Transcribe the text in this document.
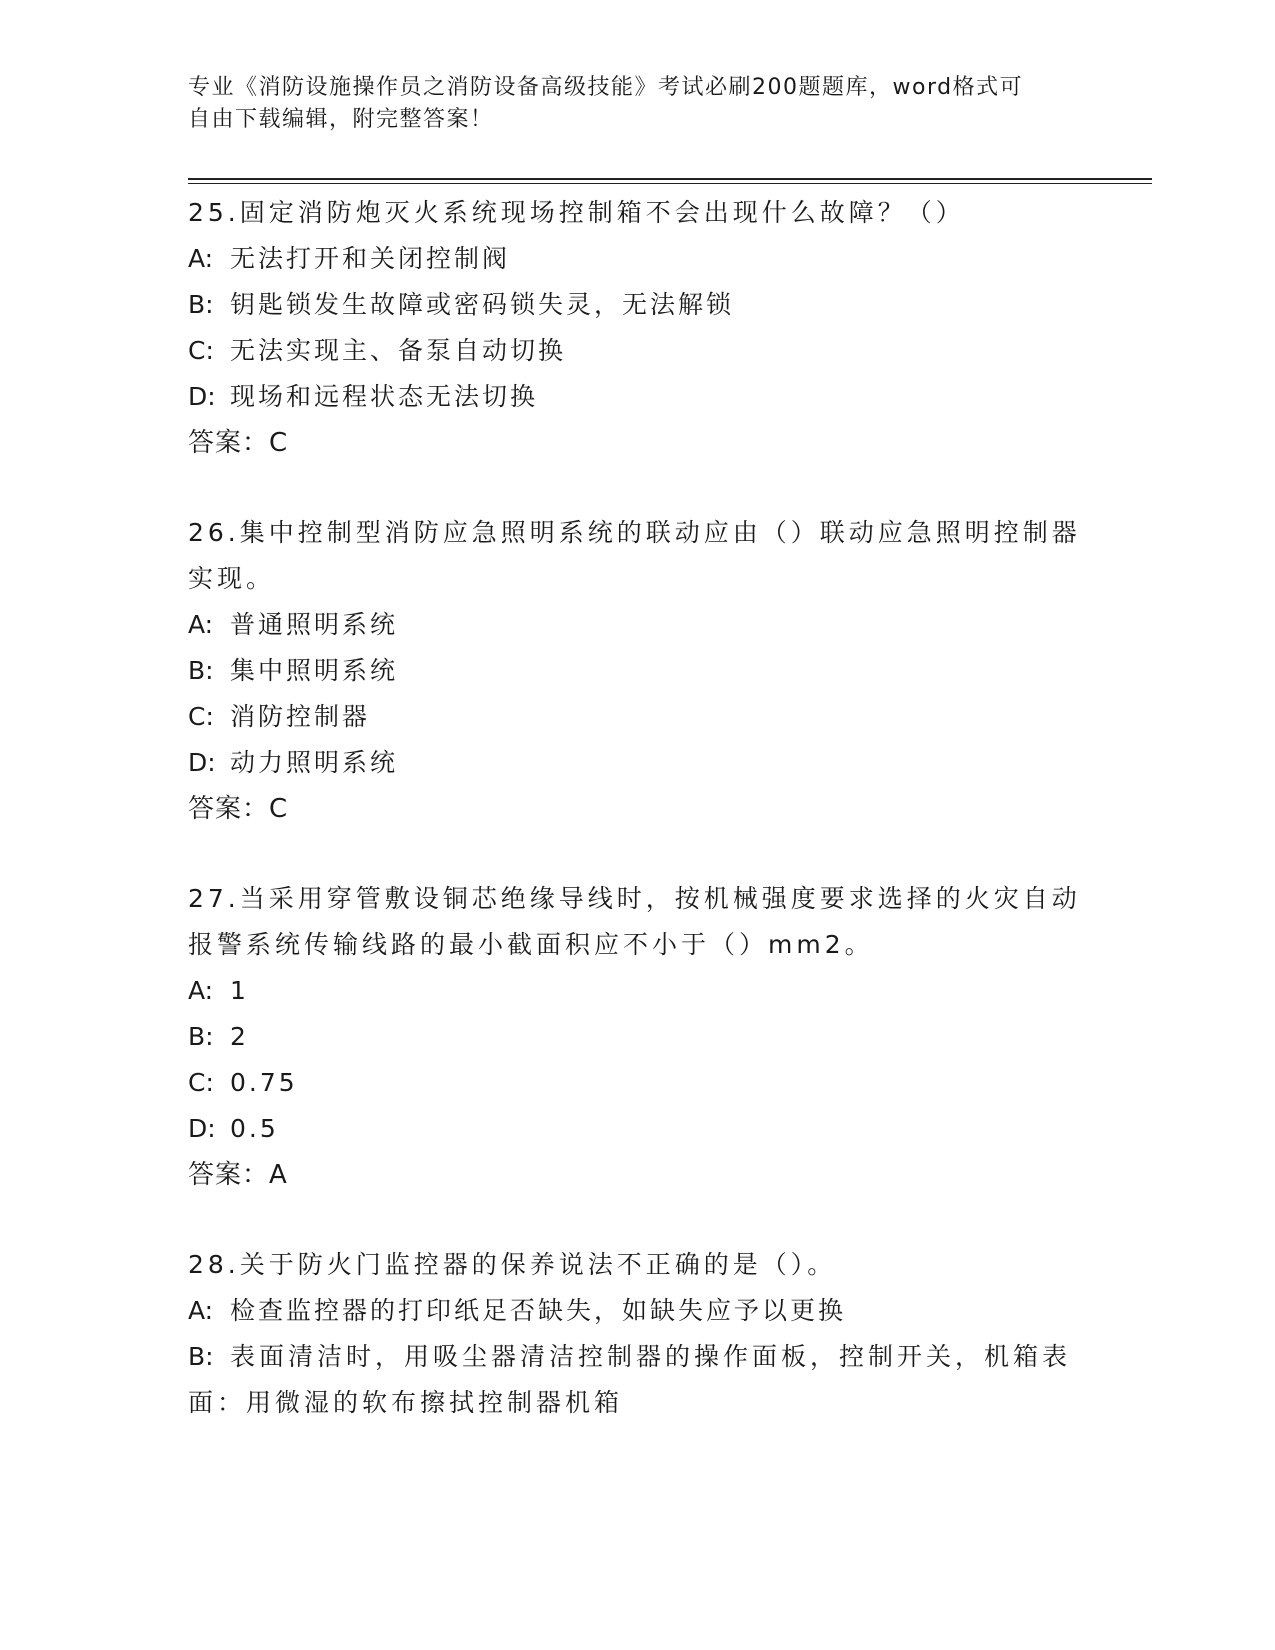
专业《消防设施操作员之消防设备高级技能》考试必刷200题题库，word格式可

自由下载编辑，附完整答案！

25.固定消防炮灭火系统现场控制箱不会出现什么故障？（）

A: 无法打开和关闭控制阀

B: 钥匙锁发生故障或密码锁失灵，无法解锁

C: 无法实现主、备泵自动切换

D: 现场和远程状态无法切换

答案：C

26.集中控制型消防应急照明系统的联动应由（）联动应急照明控制器实现。

A: 普通照明系统

B: 集中照明系统

C: 消防控制器

D: 动力照明系统

答案：C

27.当采用穿管敷设铜芯绝缘导线时，按机械强度要求选择的火灾自动报警系统传输线路的最小截面积应不小于（）mm2。

A: 1

B: 2

C: 0.75

D: 0.5

答案：A

28.关于防火门监控器的保养说法不正确的是（）。

A: 检查监控器的打印纸足否缺失，如缺失应予以更换

B: 表面清洁时，用吸尘器清洁控制器的操作面板，控制开关，机箱表面：用微湿的软布擦拭控制器机箱
